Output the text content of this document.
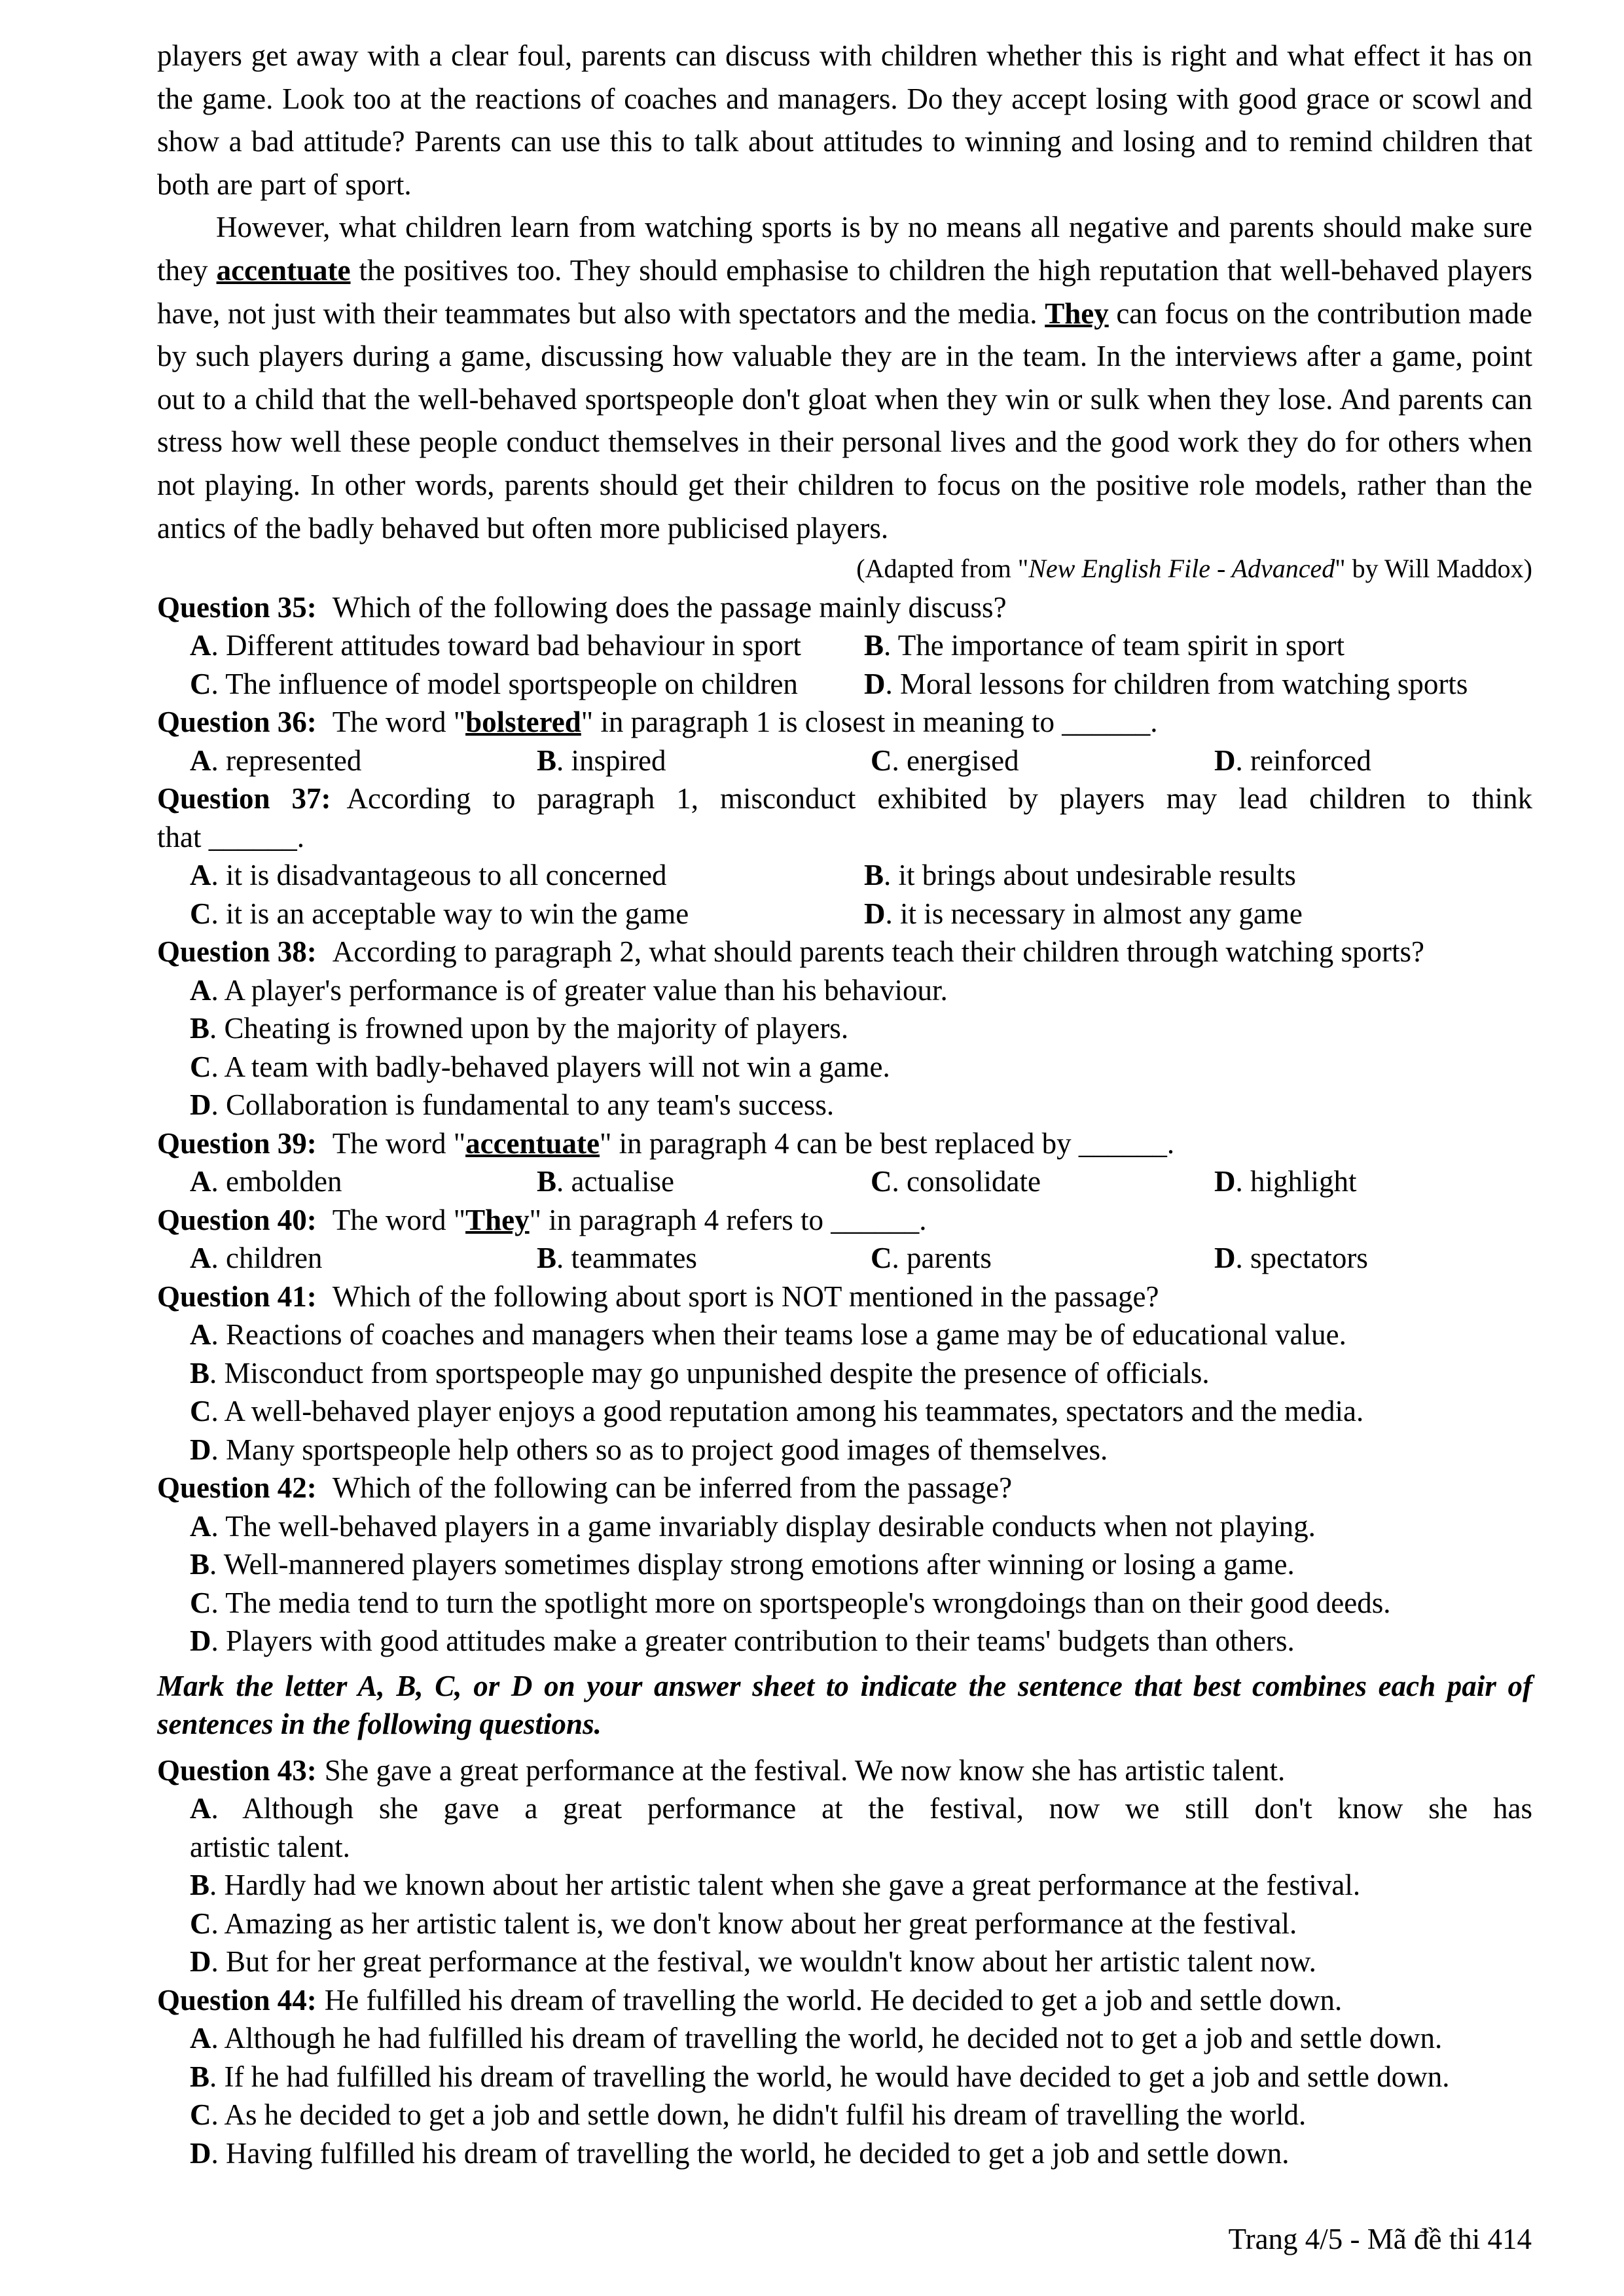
players get away with a clear foul, parents can discuss with children whether this is right and what effect it has on the game. Look too at the reactions of coaches and managers. Do they accept losing with good grace or scowl and show a bad attitude? Parents can use this to talk about attitudes to winning and losing and to remind children that both are part of sport.

However, what children learn from watching sports is by no means all negative and parents should make sure they accentuate the positives too. They should emphasise to children the high reputation that well-behaved players have, not just with their teammates but also with spectators and the media. They can focus on the contribution made by such players during a game, discussing how valuable they are in the team. In the interviews after a game, point out to a child that the well-behaved sportspeople don't gloat when they win or sulk when they lose. And parents can stress how well these people conduct themselves in their personal lives and the good work they do for others when not playing. In other words, parents should get their children to focus on the positive role models, rather than the antics of the badly behaved but often more publicised players.

(Adapted from "New English File - Advanced" by Will Maddox)

Question 35: Which of the following does the passage mainly discuss?
A . Different attitudes toward bad behaviour in sport	B . The importance of team spirit in sport
C . The influence of model sportspeople on children	D . Moral lessons for children from watching sports
Question 36: The word "bolstered" in paragraph 1 is closest in meaning to ______.
A . represented	B . inspired	C . energised	D . reinforced
Question 37: According to paragraph 1, misconduct exhibited by players may lead children to think
that ______.
A . it is disadvantageous to all concerned	B . it brings about undesirable results
C . it is an acceptable way to win the game	D . it is necessary in almost any game
Question 38: According to paragraph 2, what should parents teach their children through watching sports?
A . A player's performance is of greater value than his behaviour.
B . Cheating is frowned upon by the majority of players.
C . A team with badly-behaved players will not win a game.
D . Collaboration is fundamental to any team's success.
Question 39: The word "accentuate" in paragraph 4 can be best replaced by ______.
A . embolden	B . actualise	C . consolidate	D . highlight
Question 40: The word "They" in paragraph 4 refers to ______.
A . children	B . teammates	C . parents	D . spectators
Question 41: Which of the following about sport is NOT mentioned in the passage?
A . Reactions of coaches and managers when their teams lose a game may be of educational value.
B . Misconduct from sportspeople may go unpunished despite the presence of officials.
C . A well-behaved player enjoys a good reputation among his teammates, spectators and the media.
D . Many sportspeople help others so as to project good images of themselves.
Question 42: Which of the following can be inferred from the passage?
A . The well-behaved players in a game invariably display desirable conducts when not playing.
B . Well-mannered players sometimes display strong emotions after winning or losing a game.
C . The media tend to turn the spotlight more on sportspeople's wrongdoings than on their good deeds.
D . Players with good attitudes make a greater contribution to their teams' budgets than others.
Mark the letter A, B, C, or D on your answer sheet to indicate the sentence that best combines each pair of sentences in the following questions.
Question 43: She gave a great performance at the festival. We now know she has artistic talent.
A . Although she gave a great performance at the festival, now we still don't know she has
artistic talent.
B . Hardly had we known about her artistic talent when she gave a great performance at the festival.
C . Amazing as her artistic talent is, we don't know about her great performance at the festival.
D . But for her great performance at the festival, we wouldn't know about her artistic talent now.
Question 44: He fulfilled his dream of travelling the world. He decided to get a job and settle down.
A . Although he had fulfilled his dream of travelling the world, he decided not to get a job and settle down.
B . If he had fulfilled his dream of travelling the world, he would have decided to get a job and settle down.
C . As he decided to get a job and settle down, he didn't fulfil his dream of travelling the world.
D . Having fulfilled his dream of travelling the world, he decided to get a job and settle down.
Trang 4/5 - Mã đề thi 414
